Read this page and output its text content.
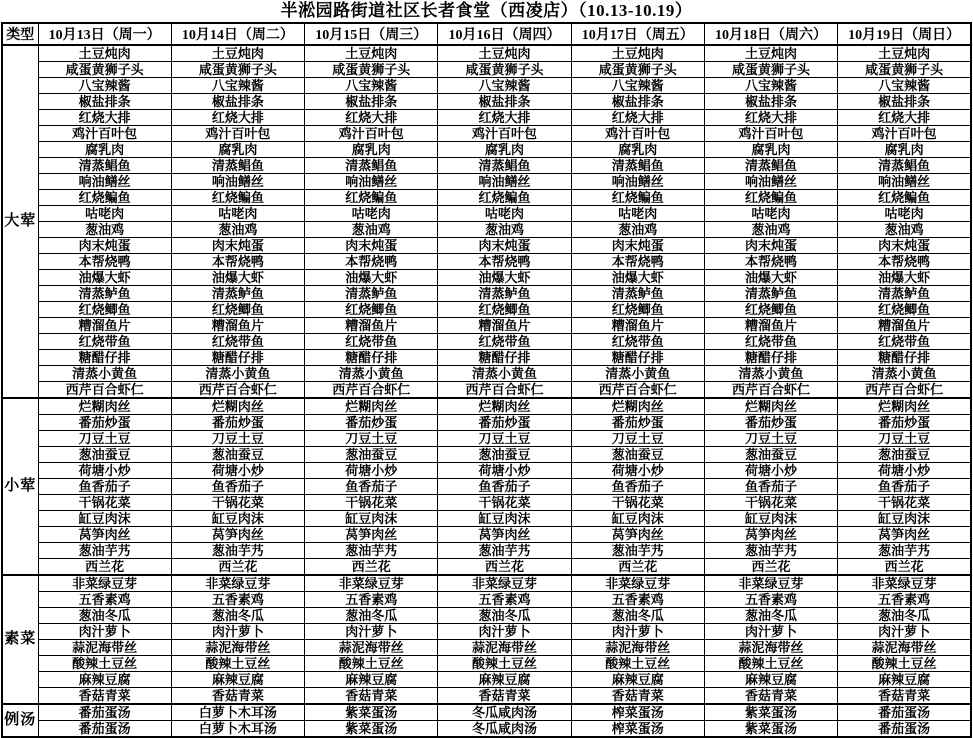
半淞园路街道社区长者食堂（西凌店）（10.13-10.19）
类型	10月13日（周一）	10月14日（周二）	10月15日（周三）	10月16日（周四）	10月17日（周五）	10月18日（周六）	10月19日（周日）
大荤	土豆炖肉	土豆炖肉	土豆炖肉	土豆炖肉	土豆炖肉	土豆炖肉	土豆炖肉
	咸蛋黄狮子头	咸蛋黄狮子头	咸蛋黄狮子头	咸蛋黄狮子头	咸蛋黄狮子头	咸蛋黄狮子头	咸蛋黄狮子头
	八宝辣酱	八宝辣酱	八宝辣酱	八宝辣酱	八宝辣酱	八宝辣酱	八宝辣酱
	椒盐排条	椒盐排条	椒盐排条	椒盐排条	椒盐排条	椒盐排条	椒盐排条
	红烧大排	红烧大排	红烧大排	红烧大排	红烧大排	红烧大排	红烧大排
	鸡汁百叶包	鸡汁百叶包	鸡汁百叶包	鸡汁百叶包	鸡汁百叶包	鸡汁百叶包	鸡汁百叶包
	腐乳肉	腐乳肉	腐乳肉	腐乳肉	腐乳肉	腐乳肉	腐乳肉
	清蒸鲳鱼	清蒸鲳鱼	清蒸鲳鱼	清蒸鲳鱼	清蒸鲳鱼	清蒸鲳鱼	清蒸鲳鱼
	响油鳝丝	响油鳝丝	响油鳝丝	响油鳝丝	响油鳝丝	响油鳝丝	响油鳝丝
	红烧鳊鱼	红烧鳊鱼	红烧鳊鱼	红烧鳊鱼	红烧鳊鱼	红烧鳊鱼	红烧鳊鱼
	咕咾肉	咕咾肉	咕咾肉	咕咾肉	咕咾肉	咕咾肉	咕咾肉
	葱油鸡	葱油鸡	葱油鸡	葱油鸡	葱油鸡	葱油鸡	葱油鸡
	肉末炖蛋	肉末炖蛋	肉末炖蛋	肉末炖蛋	肉末炖蛋	肉末炖蛋	肉末炖蛋
	本帮烧鸭	本帮烧鸭	本帮烧鸭	本帮烧鸭	本帮烧鸭	本帮烧鸭	本帮烧鸭
	油爆大虾	油爆大虾	油爆大虾	油爆大虾	油爆大虾	油爆大虾	油爆大虾
	清蒸鲈鱼	清蒸鲈鱼	清蒸鲈鱼	清蒸鲈鱼	清蒸鲈鱼	清蒸鲈鱼	清蒸鲈鱼
	红烧鲫鱼	红烧鲫鱼	红烧鲫鱼	红烧鲫鱼	红烧鲫鱼	红烧鲫鱼	红烧鲫鱼
	糟溜鱼片	糟溜鱼片	糟溜鱼片	糟溜鱼片	糟溜鱼片	糟溜鱼片	糟溜鱼片
	红烧带鱼	红烧带鱼	红烧带鱼	红烧带鱼	红烧带鱼	红烧带鱼	红烧带鱼
	糖醋仔排	糖醋仔排	糖醋仔排	糖醋仔排	糖醋仔排	糖醋仔排	糖醋仔排
	清蒸小黄鱼	清蒸小黄鱼	清蒸小黄鱼	清蒸小黄鱼	清蒸小黄鱼	清蒸小黄鱼	清蒸小黄鱼
	西芹百合虾仁	西芹百合虾仁	西芹百合虾仁	西芹百合虾仁	西芹百合虾仁	西芹百合虾仁	西芹百合虾仁
小荤	烂糊肉丝	烂糊肉丝	烂糊肉丝	烂糊肉丝	烂糊肉丝	烂糊肉丝	烂糊肉丝
	番茄炒蛋	番茄炒蛋	番茄炒蛋	番茄炒蛋	番茄炒蛋	番茄炒蛋	番茄炒蛋
	刀豆土豆	刀豆土豆	刀豆土豆	刀豆土豆	刀豆土豆	刀豆土豆	刀豆土豆
	葱油蚕豆	葱油蚕豆	葱油蚕豆	葱油蚕豆	葱油蚕豆	葱油蚕豆	葱油蚕豆
	荷塘小炒	荷塘小炒	荷塘小炒	荷塘小炒	荷塘小炒	荷塘小炒	荷塘小炒
	鱼香茄子	鱼香茄子	鱼香茄子	鱼香茄子	鱼香茄子	鱼香茄子	鱼香茄子
	干锅花菜	干锅花菜	干锅花菜	干锅花菜	干锅花菜	干锅花菜	干锅花菜
	缸豆肉沫	缸豆肉沫	缸豆肉沫	缸豆肉沫	缸豆肉沫	缸豆肉沫	缸豆肉沫
	莴笋肉丝	莴笋肉丝	莴笋肉丝	莴笋肉丝	莴笋肉丝	莴笋肉丝	莴笋肉丝
	葱油芋艿	葱油芋艿	葱油芋艿	葱油芋艿	葱油芋艿	葱油芋艿	葱油芋艿
	西兰花	西兰花	西兰花	西兰花	西兰花	西兰花	西兰花
素菜	非菜绿豆芽	非菜绿豆芽	非菜绿豆芽	非菜绿豆芽	非菜绿豆芽	非菜绿豆芽	非菜绿豆芽
	五香素鸡	五香素鸡	五香素鸡	五香素鸡	五香素鸡	五香素鸡	五香素鸡
	葱油冬瓜	葱油冬瓜	葱油冬瓜	葱油冬瓜	葱油冬瓜	葱油冬瓜	葱油冬瓜
	肉汁萝卜	肉汁萝卜	肉汁萝卜	肉汁萝卜	肉汁萝卜	肉汁萝卜	肉汁萝卜
	蒜泥海带丝	蒜泥海带丝	蒜泥海带丝	蒜泥海带丝	蒜泥海带丝	蒜泥海带丝	蒜泥海带丝
	酸辣土豆丝	酸辣土豆丝	酸辣土豆丝	酸辣土豆丝	酸辣土豆丝	酸辣土豆丝	酸辣土豆丝
	麻辣豆腐	麻辣豆腐	麻辣豆腐	麻辣豆腐	麻辣豆腐	麻辣豆腐	麻辣豆腐
	香菇青菜	香菇青菜	香菇青菜	香菇青菜	香菇青菜	香菇青菜	香菇青菜
例汤	番茄蛋汤	白萝卜木耳汤	紫菜蛋汤	冬瓜咸肉汤	榨菜蛋汤	紫菜蛋汤	番茄蛋汤
	番茄蛋汤	白萝卜木耳汤	紫菜蛋汤	冬瓜咸肉汤	榨菜蛋汤	紫菜蛋汤	番茄蛋汤
